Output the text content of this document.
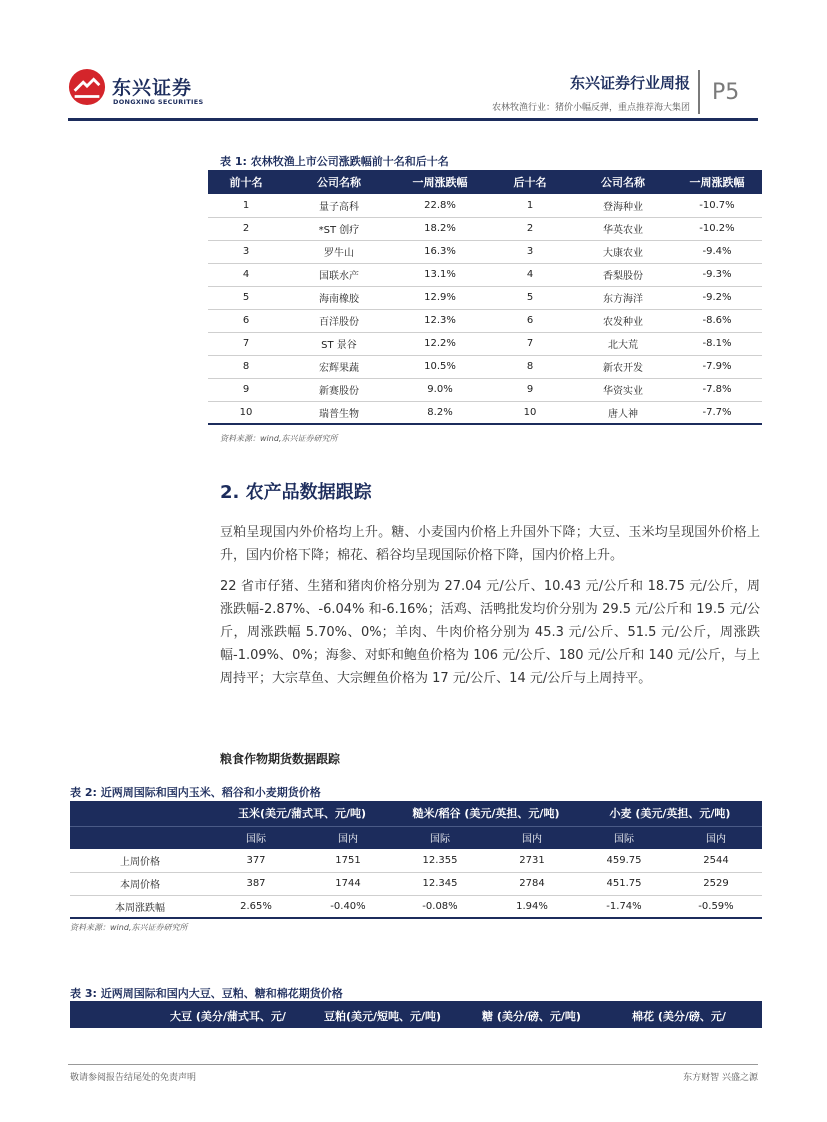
东兴证券
DONGXING SECURITIES
东兴证券行业周报
农林牧渔行业：猪价小幅反弹，重点推荐海大集团
P5
表 1: 农林牧渔上市公司涨跌幅前十名和后十名
前十名	公司名称	一周涨跌幅	后十名	公司名称	一周涨跌幅
1	量子高科	22.8%	1	登海种业	-10.7%
2	*ST 创疗	18.2%	2	华英农业	-10.2%
3	罗牛山	16.3%	3	大康农业	-9.4%
4	国联水产	13.1%	4	香梨股份	-9.3%
5	海南橡胶	12.9%	5	东方海洋	-9.2%
6	百洋股份	12.3%	6	农发种业	-8.6%
7	ST 景谷	12.2%	7	北大荒	-8.1%
8	宏辉果蔬	10.5%	8	新农开发	-7.9%
9	新赛股份	9.0%	9	华资实业	-7.8%
10	瑞普生物	8.2%	10	唐人神	-7.7%
资料来源：wind,东兴证券研究所
2. 农产品数据跟踪
豆粕呈现国内外价格均上升。糖、小麦国内价格上升国外下降；大豆、玉米均呈现国外价格上升，国内价格下降；棉花、稻谷均呈现国际价格下降，国内价格上升。
22 省市仔猪、生猪和猪肉价格分别为 27.04 元/公斤、10.43 元/公斤和 18.75 元/公斤，周涨跌幅-2.87%、-6.04% 和-6.16%；活鸡、活鸭批发均价分别为 29.5 元/公斤和 19.5 元/公斤，周涨跌幅 5.70%、0%；羊肉、牛肉价格分别为 45.3 元/公斤、51.5 元/公斤，周涨跌幅-1.09%、0%；海参、对虾和鲍鱼价格为 106 元/公斤、180 元/公斤和 140 元/公斤，与上周持平；大宗草鱼、大宗鲤鱼价格为 17 元/公斤、14 元/公斤与上周持平。
粮食作物期货数据跟踪
表 2: 近两周国际和国内玉米、稻谷和小麦期货价格
	玉米(美元/蒲式耳、元/吨)		糙米/稻谷 (美元/英担、元/吨)		小麦 (美元/英担、元/吨)	
	国际	国内	国际	国内	国际	国内
上周价格	377	1751	12.355	2731	459.75	2544
本周价格	387	1744	12.345	2784	451.75	2529
本周涨跌幅	2.65%	-0.40%	-0.08%	1.94%	-1.74%	-0.59%
资料来源：wind,东兴证券研究所
表 3: 近两周国际和国内大豆、豆粕、糖和棉花期货价格
大豆 (美分/蒲式耳、元/	豆粕(美元/短吨、元/吨)	糖 (美分/磅、元/吨)	棉花 (美分/磅、元/
敬请参阅报告结尾处的免责声明	东方财智 兴盛之源
